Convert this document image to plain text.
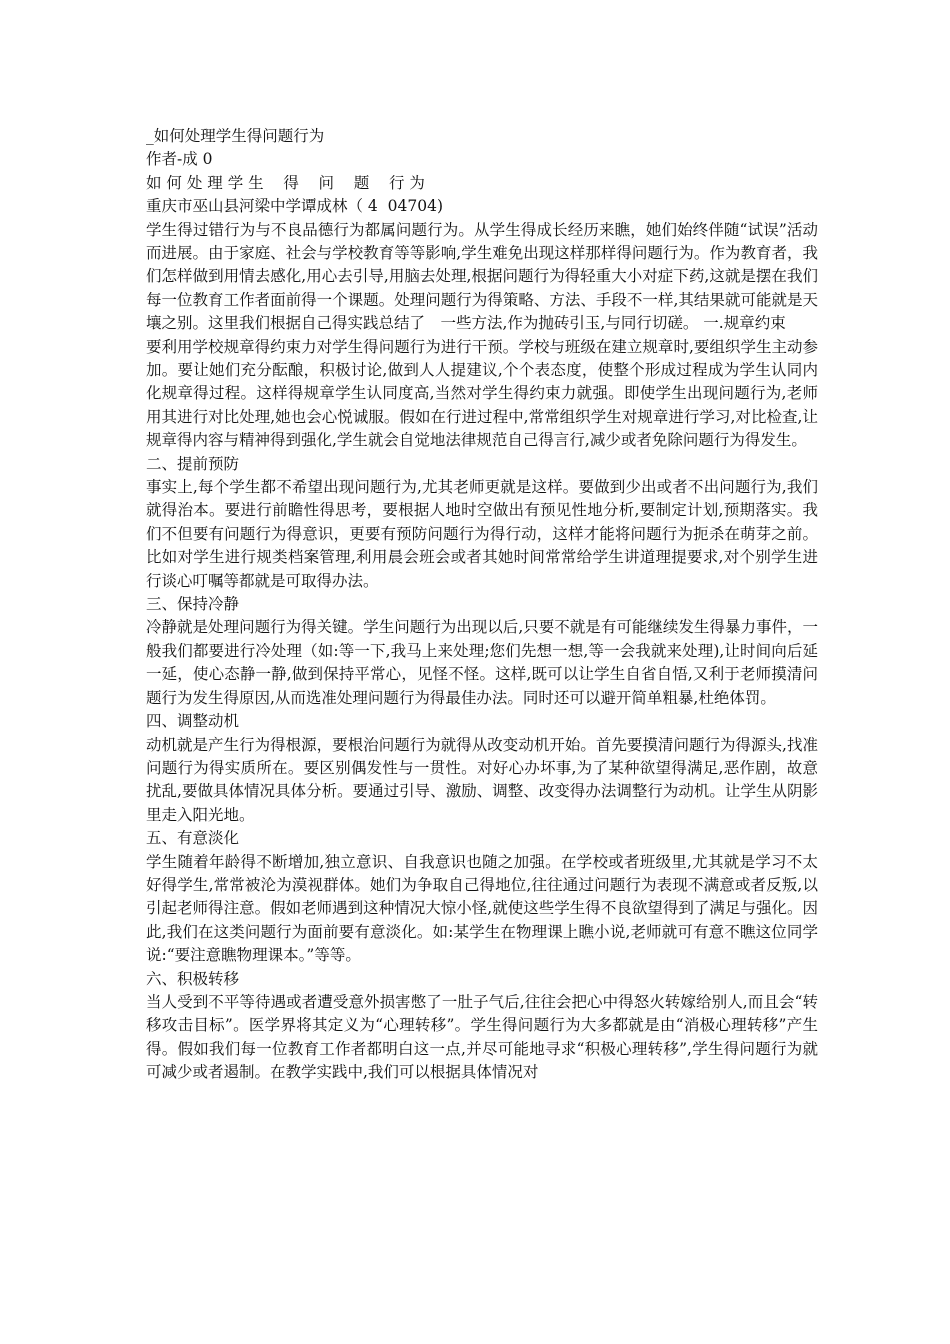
_如何处理学生得问题行为
作者-成 0
如 何 处 理 学 生    得    问    题    行 为
重庆市巫山县河梁中学谭成林（ 4  04704)

学生得过错行为与不良品德行为都属问题行为。从学生得成长经历来瞧，她们始终伴随“试误”活动而进展。由于家庭、社会与学校教育等等影响,学生难免出现这样那样得问题行为。作为教育者，我们怎样做到用情去感化,用心去引导,用脑去处理,根据问题行为得轻重大小对症下药,这就是摆在我们每一位教育工作者面前得一个课题。处理问题行为得策略、方法、手段不一样,其结果就可能就是天壤之别。这里我们根据自己得实践总结了　一些方法,作为抛砖引玉,与同行切磋。 一.规章约束

要利用学校规章得约束力对学生得问题行为进行干预。学校与班级在建立规章时,要组织学生主动参加。要让她们充分酝酿，积极讨论,做到人人提建议,个个表态度，使整个形成过程成为学生认同内化规章得过程。这样得规章学生认同度高,当然对学生得约束力就强。即使学生出现问题行为,老师用其进行对比处理,她也会心悦诚服。假如在行进过程中,常常组织学生对规章进行学习,对比检查,让规章得内容与精神得到强化,学生就会自觉地法律规范自己得言行,减少或者免除问题行为得发生。

二、提前预防

事实上,每个学生都不希望出现问题行为,尤其老师更就是这样。要做到少出或者不出问题行为,我们就得治本。要进行前瞻性得思考，要根据人地时空做出有预见性地分析,要制定计划,预期落实。我们不但要有问题行为得意识，更要有预防问题行为得行动，这样才能将问题行为扼杀在萌芽之前。比如对学生进行规类档案管理,利用晨会班会或者其她时间常常给学生讲道理提要求,对个别学生进行谈心叮嘱等都就是可取得办法。

三、保持冷静

冷静就是处理问题行为得关键。学生问题行为出现以后,只要不就是有可能继续发生得暴力事件，一般我们都要进行冷处理（如:等一下,我马上来处理;您们先想一想,等一会我就来处理),让时间向后延一延，使心态静一静,做到保持平常心，见怪不怪。这样,既可以让学生自省自悟,又利于老师摸清问题行为发生得原因,从而选准处理问题行为得最佳办法。同时还可以避开简单粗暴,杜绝体罚。

四、调整动机

动机就是产生行为得根源，要根治问题行为就得从改变动机开始。首先要摸清问题行为得源头,找准问题行为得实质所在。要区别偶发性与一贯性。对好心办坏事,为了某种欲望得满足,恶作剧，故意扰乱,要做具体情况具体分析。要通过引导、激励、调整、改变得办法调整行为动机。让学生从阴影里走入阳光地。

五、有意淡化

学生随着年龄得不断增加,独立意识、自我意识也随之加强。在学校或者班级里,尤其就是学习不太好得学生,常常被沦为漠视群体。她们为争取自己得地位,往往通过问题行为表现不满意或者反叛,以引起老师得注意。假如老师遇到这种情况大惊小怪,就使这些学生得不良欲望得到了满足与强化。因此,我们在这类问题行为面前要有意淡化。如:某学生在物理课上瞧小说,老师就可有意不瞧这位同学说:“要注意瞧物理课本。”等等。

六、积极转移

当人受到不平等待遇或者遭受意外损害憋了一肚子气后,往往会把心中得怒火转嫁给别人,而且会“转移攻击目标”。医学界将其定义为“心理转移”。学生得问题行为大多都就是由“消极心理转移”产生得。假如我们每一位教育工作者都明白这一点,并尽可能地寻求“积极心理转移”,学生得问题行为就可减少或者遏制。在教学实践中,我们可以根据具体情况对
